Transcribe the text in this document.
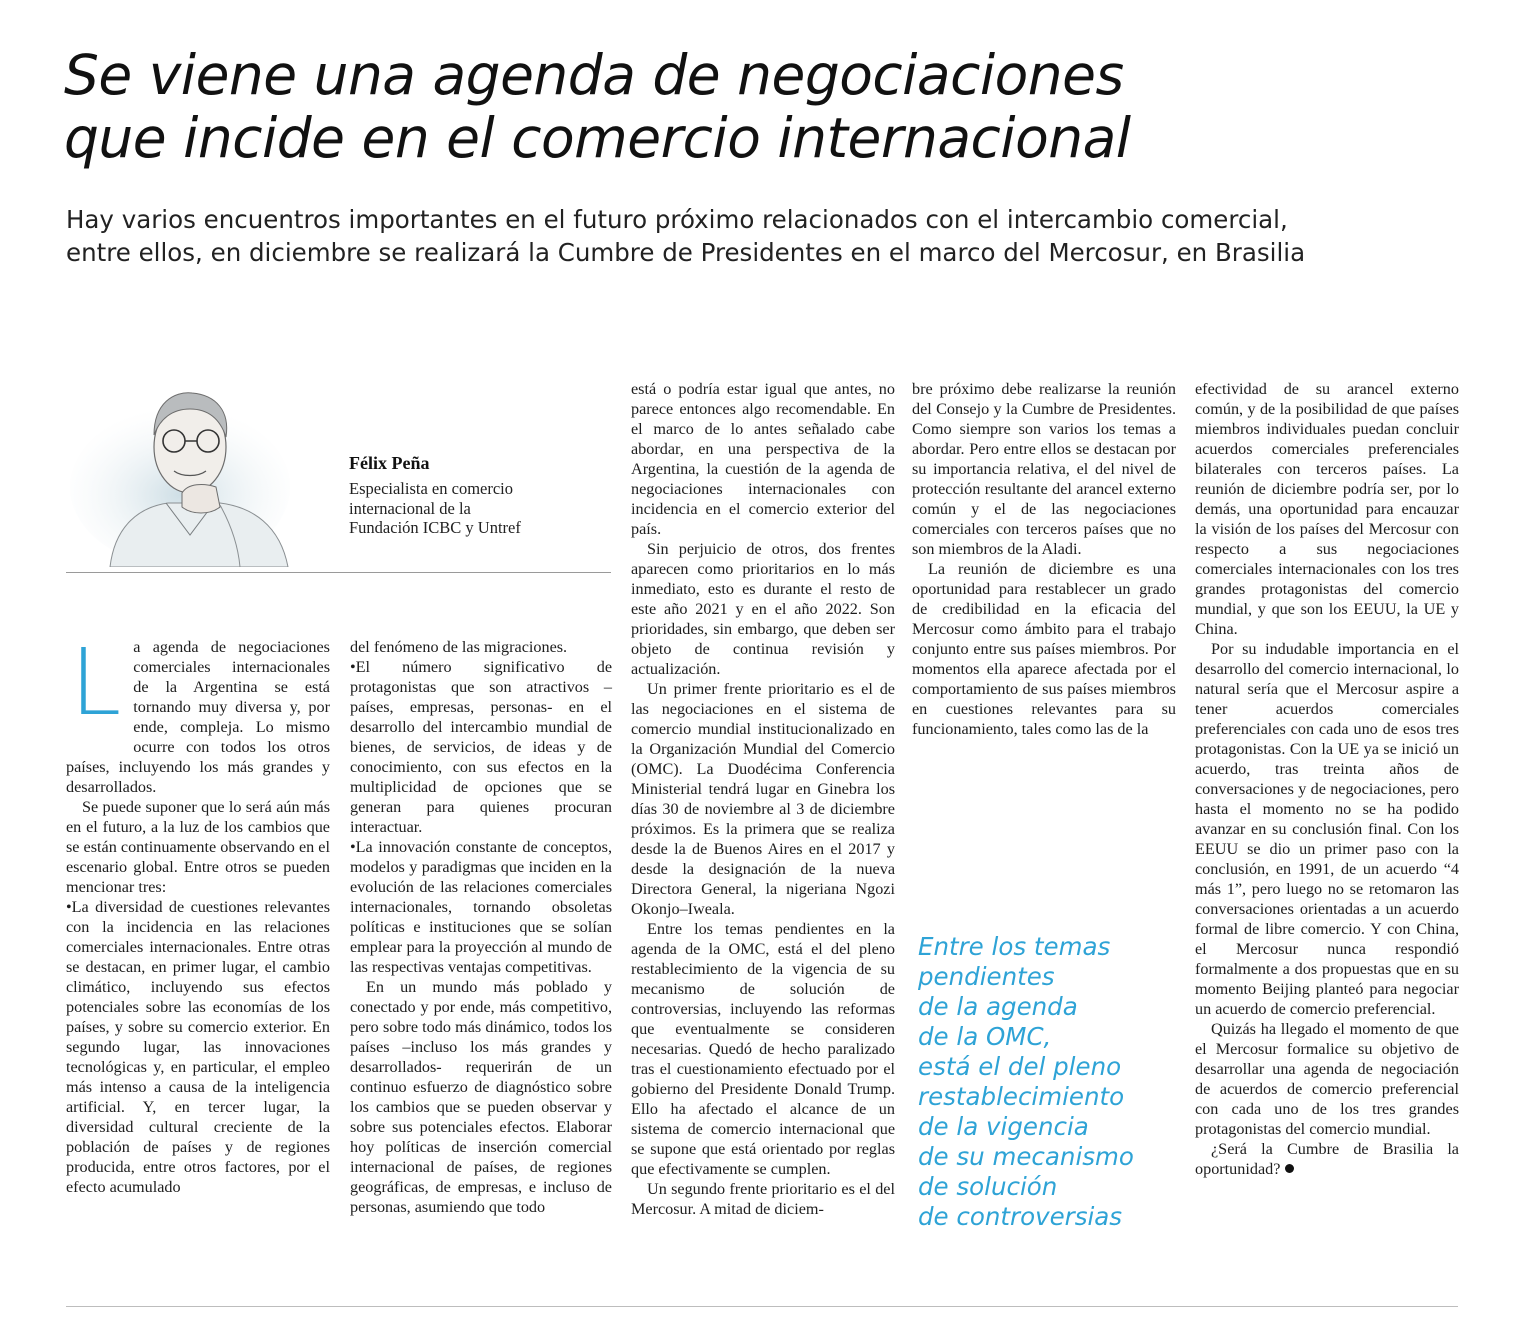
Se viene una agenda de negociaciones
que incide en el comercio internacional

Hay varios encuentros importantes en el futuro próximo relacionados con el intercambio comercial,
entre ellos, en diciembre se realizará la Cumbre de Presidentes en el marco del Mercosur, en Brasilia

Félix Peña
Especialista en comercio
internacional de la
Fundación ICBC y Untref
L a agenda de negociaciones comerciales internacionales de la Argentina se está tornando muy diversa y, por ende, compleja. Lo mismo ocurre con todos los otros países, incluyendo los más grandes y desarrollados.

Se puede suponer que lo será aún más en el futuro, a la luz de los cambios que se están continuamente observando en el escenario global. Entre otros se pueden mencionar tres:

•La diversidad de cuestiones relevantes con la incidencia en las relaciones comerciales internacionales. Entre otras se destacan, en primer lugar, el cambio climático, incluyendo sus efectos potenciales sobre las economías de los países, y sobre su comercio exterior. En segundo lugar, las innovaciones tecnológicas y, en particular, el empleo más intenso a causa de la inteligencia artificial. Y, en tercer lugar, la diversidad cultural creciente de la población de países y de regiones producida, entre otros factores, por el efecto acumulado

del fenómeno de las migraciones.

•El número significativo de protagonistas que son atractivos –países, empresas, personas- en el desarrollo del intercambio mundial de bienes, de servicios, de ideas y de conocimiento, con sus efectos en la multiplicidad de opciones que se generan para quienes procuran interactuar.

•La innovación constante de conceptos, modelos y paradigmas que inciden en la evolución de las relaciones comerciales internacionales, tornando obsoletas políticas e instituciones que se solían emplear para la proyección al mundo de las respectivas ventajas competitivas.

En un mundo más poblado y conectado y por ende, más competitivo, pero sobre todo más dinámico, todos los países –incluso los más grandes y desarrollados- requerirán de un continuo esfuerzo de diagnóstico sobre los cambios que se pueden observar y sobre sus potenciales efectos. Elaborar hoy políticas de inserción comercial internacional de países, de regiones geográficas, de empresas, e incluso de personas, asumiendo que todo

está o podría estar igual que antes, no parece entonces algo recomendable. En el marco de lo antes señalado cabe abordar, en una perspectiva de la Argentina, la cuestión de la agenda de negociaciones internacionales con incidencia en el comercio exterior del país.

Sin perjuicio de otros, dos frentes aparecen como prioritarios en lo más inmediato, esto es durante el resto de este año 2021 y en el año 2022. Son prioridades, sin embargo, que deben ser objeto de continua revisión y actualización.

Un primer frente prioritario es el de las negociaciones en el sistema de comercio mundial institucionalizado en la Organización Mundial del Comercio (OMC). La Duodécima Conferencia Ministerial tendrá lugar en Ginebra los días 30 de noviembre al 3 de diciembre próximos. Es la primera que se realiza desde la de Buenos Aires en el 2017 y desde la designación de la nueva Directora General, la nigeriana Ngozi Okonjo–Iweala.

Entre los temas pendientes en la agenda de la OMC, está el del pleno restablecimiento de la vigencia de su mecanismo de solución de controversias, incluyendo las reformas que eventualmente se consideren necesarias. Quedó de hecho paralizado tras el cuestionamiento efectuado por el gobierno del Presidente Donald Trump. Ello ha afectado el alcance de un sistema de comercio internacional que se supone que está orientado por reglas que efectivamente se cumplen.

Un segundo frente prioritario es el del Mercosur. A mitad de diciem-

bre próximo debe realizarse la reunión del Consejo y la Cumbre de Presidentes. Como siempre son varios los temas a abordar. Pero entre ellos se destacan por su importancia relativa, el del nivel de protección resultante del arancel externo común y el de las negociaciones comerciales con terceros países que no son miembros de la Aladi.

La reunión de diciembre es una oportunidad para restablecer un grado de credibilidad en la eficacia del Mercosur como ámbito para el trabajo conjunto entre sus países miembros. Por momentos ella aparece afectada por el comportamiento de sus países miembros en cuestiones relevantes para su funcionamiento, tales como las de la

Entre los temas
pendientes
de la agenda
de la OMC,
está el del pleno
restablecimiento
de la vigencia
de su mecanismo
de solución
de controversias

efectividad de su arancel externo común, y de la posibilidad de que países miembros individuales puedan concluir acuerdos comerciales preferenciales bilaterales con terceros países. La reunión de diciembre podría ser, por lo demás, una oportunidad para encauzar la visión de los países del Mercosur con respecto a sus negociaciones comerciales internacionales con los tres grandes protagonistas del comercio mundial, y que son los EEUU, la UE y China.

Por su indudable importancia en el desarrollo del comercio internacional, lo natural sería que el Mercosur aspire a tener acuerdos comerciales preferenciales con cada uno de esos tres protagonistas. Con la UE ya se inició un acuerdo, tras treinta años de conversaciones y de negociaciones, pero hasta el momento no se ha podido avanzar en su conclusión final. Con los EEUU se dio un primer paso con la conclusión, en 1991, de un acuerdo “4 más 1”, pero luego no se retomaron las conversaciones orientadas a un acuerdo formal de libre comercio. Y con China, el Mercosur nunca respondió formalmente a dos propuestas que en su momento Beijing planteó para negociar un acuerdo de comercio preferencial.

Quizás ha llegado el momento de que el Mercosur formalice su objetivo de desarrollar una agenda de negociación de acuerdos de comercio preferencial con cada uno de los tres grandes protagonistas del comercio mundial.

¿Será la Cumbre de Brasilia la oportunidad?
